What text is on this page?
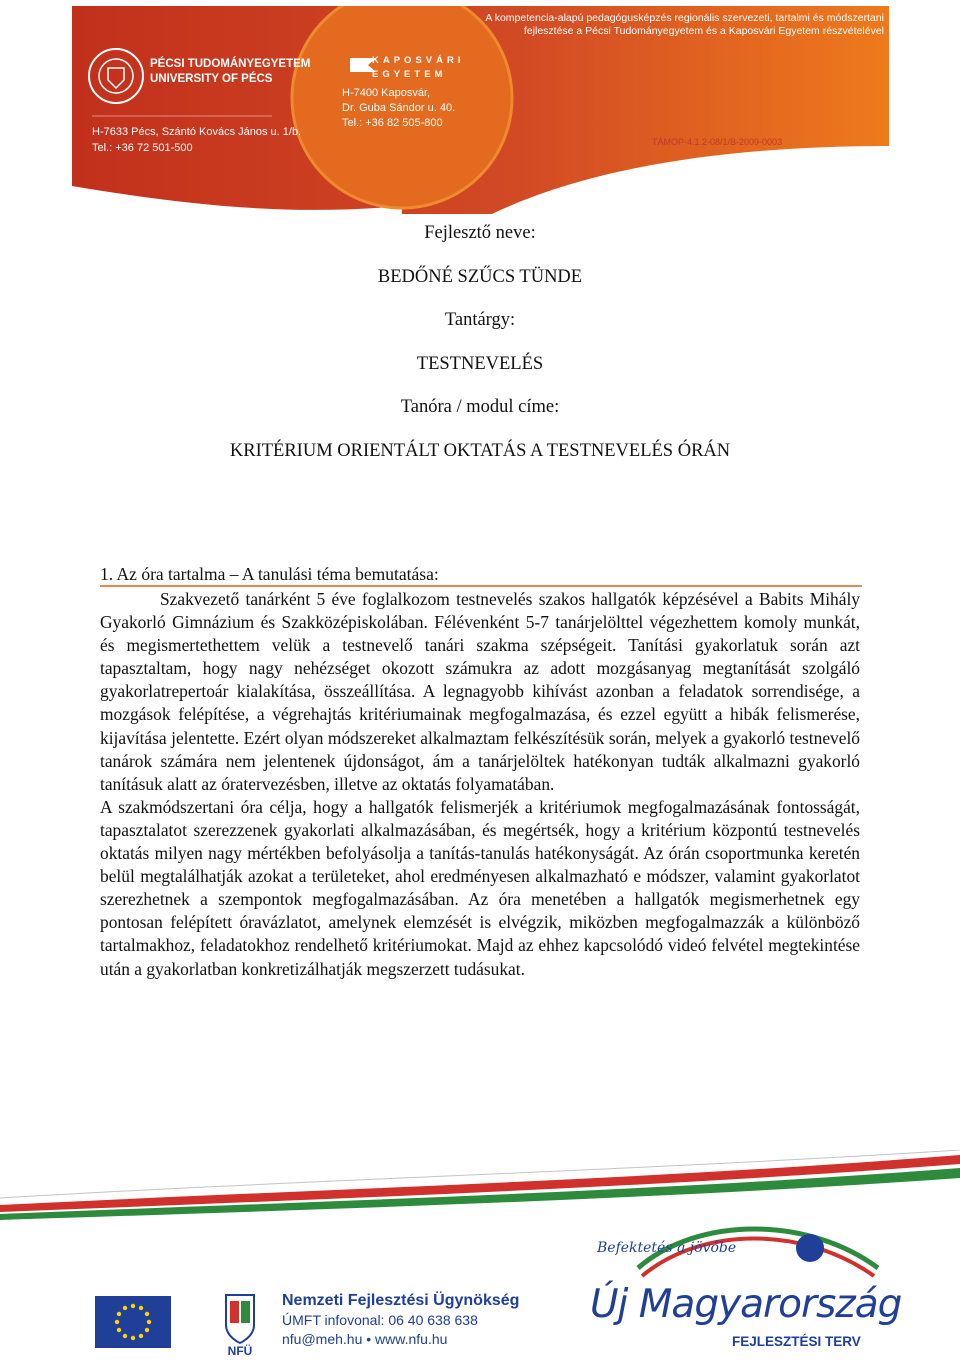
A kompetencia-alapú pedagógusképzés regionális szervezeti, tartalmi és módszertani fejlesztése a Pécsi Tudományegyetem és a Kaposvári Egyetem részvételével
PÉCSI TUDOMÁNYEGYETEM
UNIVERSITY OF PÉCS
H-7633 Pécs, Szántó Kovács János u. 1/b.
Tel.: +36 72 501-500
KAPOSVÁRI
EGYETEM
H-7400 Kaposvár,
Dr. Guba Sándor u. 40.
Tel.: +36 82 505-800
TÁMOP-4.1.2-08/1/B-2009-0003
Fejlesztő neve:
BEDŐNÉ SZŰCS TÜNDE
Tantárgy:
TESTNEVELÉS
Tanóra / modul címe:
KRITÉRIUM ORIENTÁLT OKTATÁS A TESTNEVELÉS ÓRÁN
1. Az óra tartalma – A tanulási téma bemutatása:

Szakvezető tanárként 5 éve foglalkozom testnevelés szakos hallgatók képzésével a Babits Mihály Gyakorló Gimnázium és Szakközépiskolában. Félévenként 5-7 tanárjelölttel végezhettem komoly munkát, és megismertethettem velük a testnevelő tanári szakma szépségeit. Tanítási gyakorlatuk során azt tapasztaltam, hogy nagy nehézséget okozott számukra az adott mozgásanyag megtanítását szolgáló gyakorlatrepertoár kialakítása, összeállítása. A legnagyobb kihívást azonban a feladatok sorrendisége, a mozgások felépítése, a végrehajtás kritériumainak megfogalmazása, és ezzel együtt a hibák felismerése, kijavítása jelentette. Ezért olyan módszereket alkalmaztam felkészítésük során, melyek a gyakorló testnevelő tanárok számára nem jelentenek újdonságot, ám a tanárjelöltek hatékonyan tudták alkalmazni gyakorló tanításuk alatt az óratervezésben, illetve az oktatás folyamatában.

A szakmódszertani óra célja, hogy a hallgatók felismerjék a kritériumok megfogalmazásának fontosságát, tapasztalatot szerezzenek gyakorlati alkalmazásában, és megértsék, hogy a kritérium központú testnevelés oktatás milyen nagy mértékben befolyásolja a tanítás-tanulás hatékonyságát. Az órán csoportmunka keretén belül megtalálhatják azokat a területeket, ahol eredményesen alkalmazható e módszer, valamint gyakorlatot szerezhetnek a szempontok megfogalmazásában. Az óra menetében a hallgatók megismerhetnek egy pontosan felépített óravázlatot, amelynek elemzését is elvégzik, miközben megfogalmazzák a különböző tartalmakhoz, feladatokhoz rendelhető kritériumokat. Majd az ehhez kapcsolódó videó felvétel megtekintése után a gyakorlatban konkretizálhatják megszerzett tudásukat.

NFÜ
Nemzeti Fejlesztési Ügynökség
ÚMFT infovonal: 06 40 638 638
nfu@meh.hu • www.nfu.hu
Befektetés a jövőbe
Új Magyarország
FEJLESZTÉSI TERV
